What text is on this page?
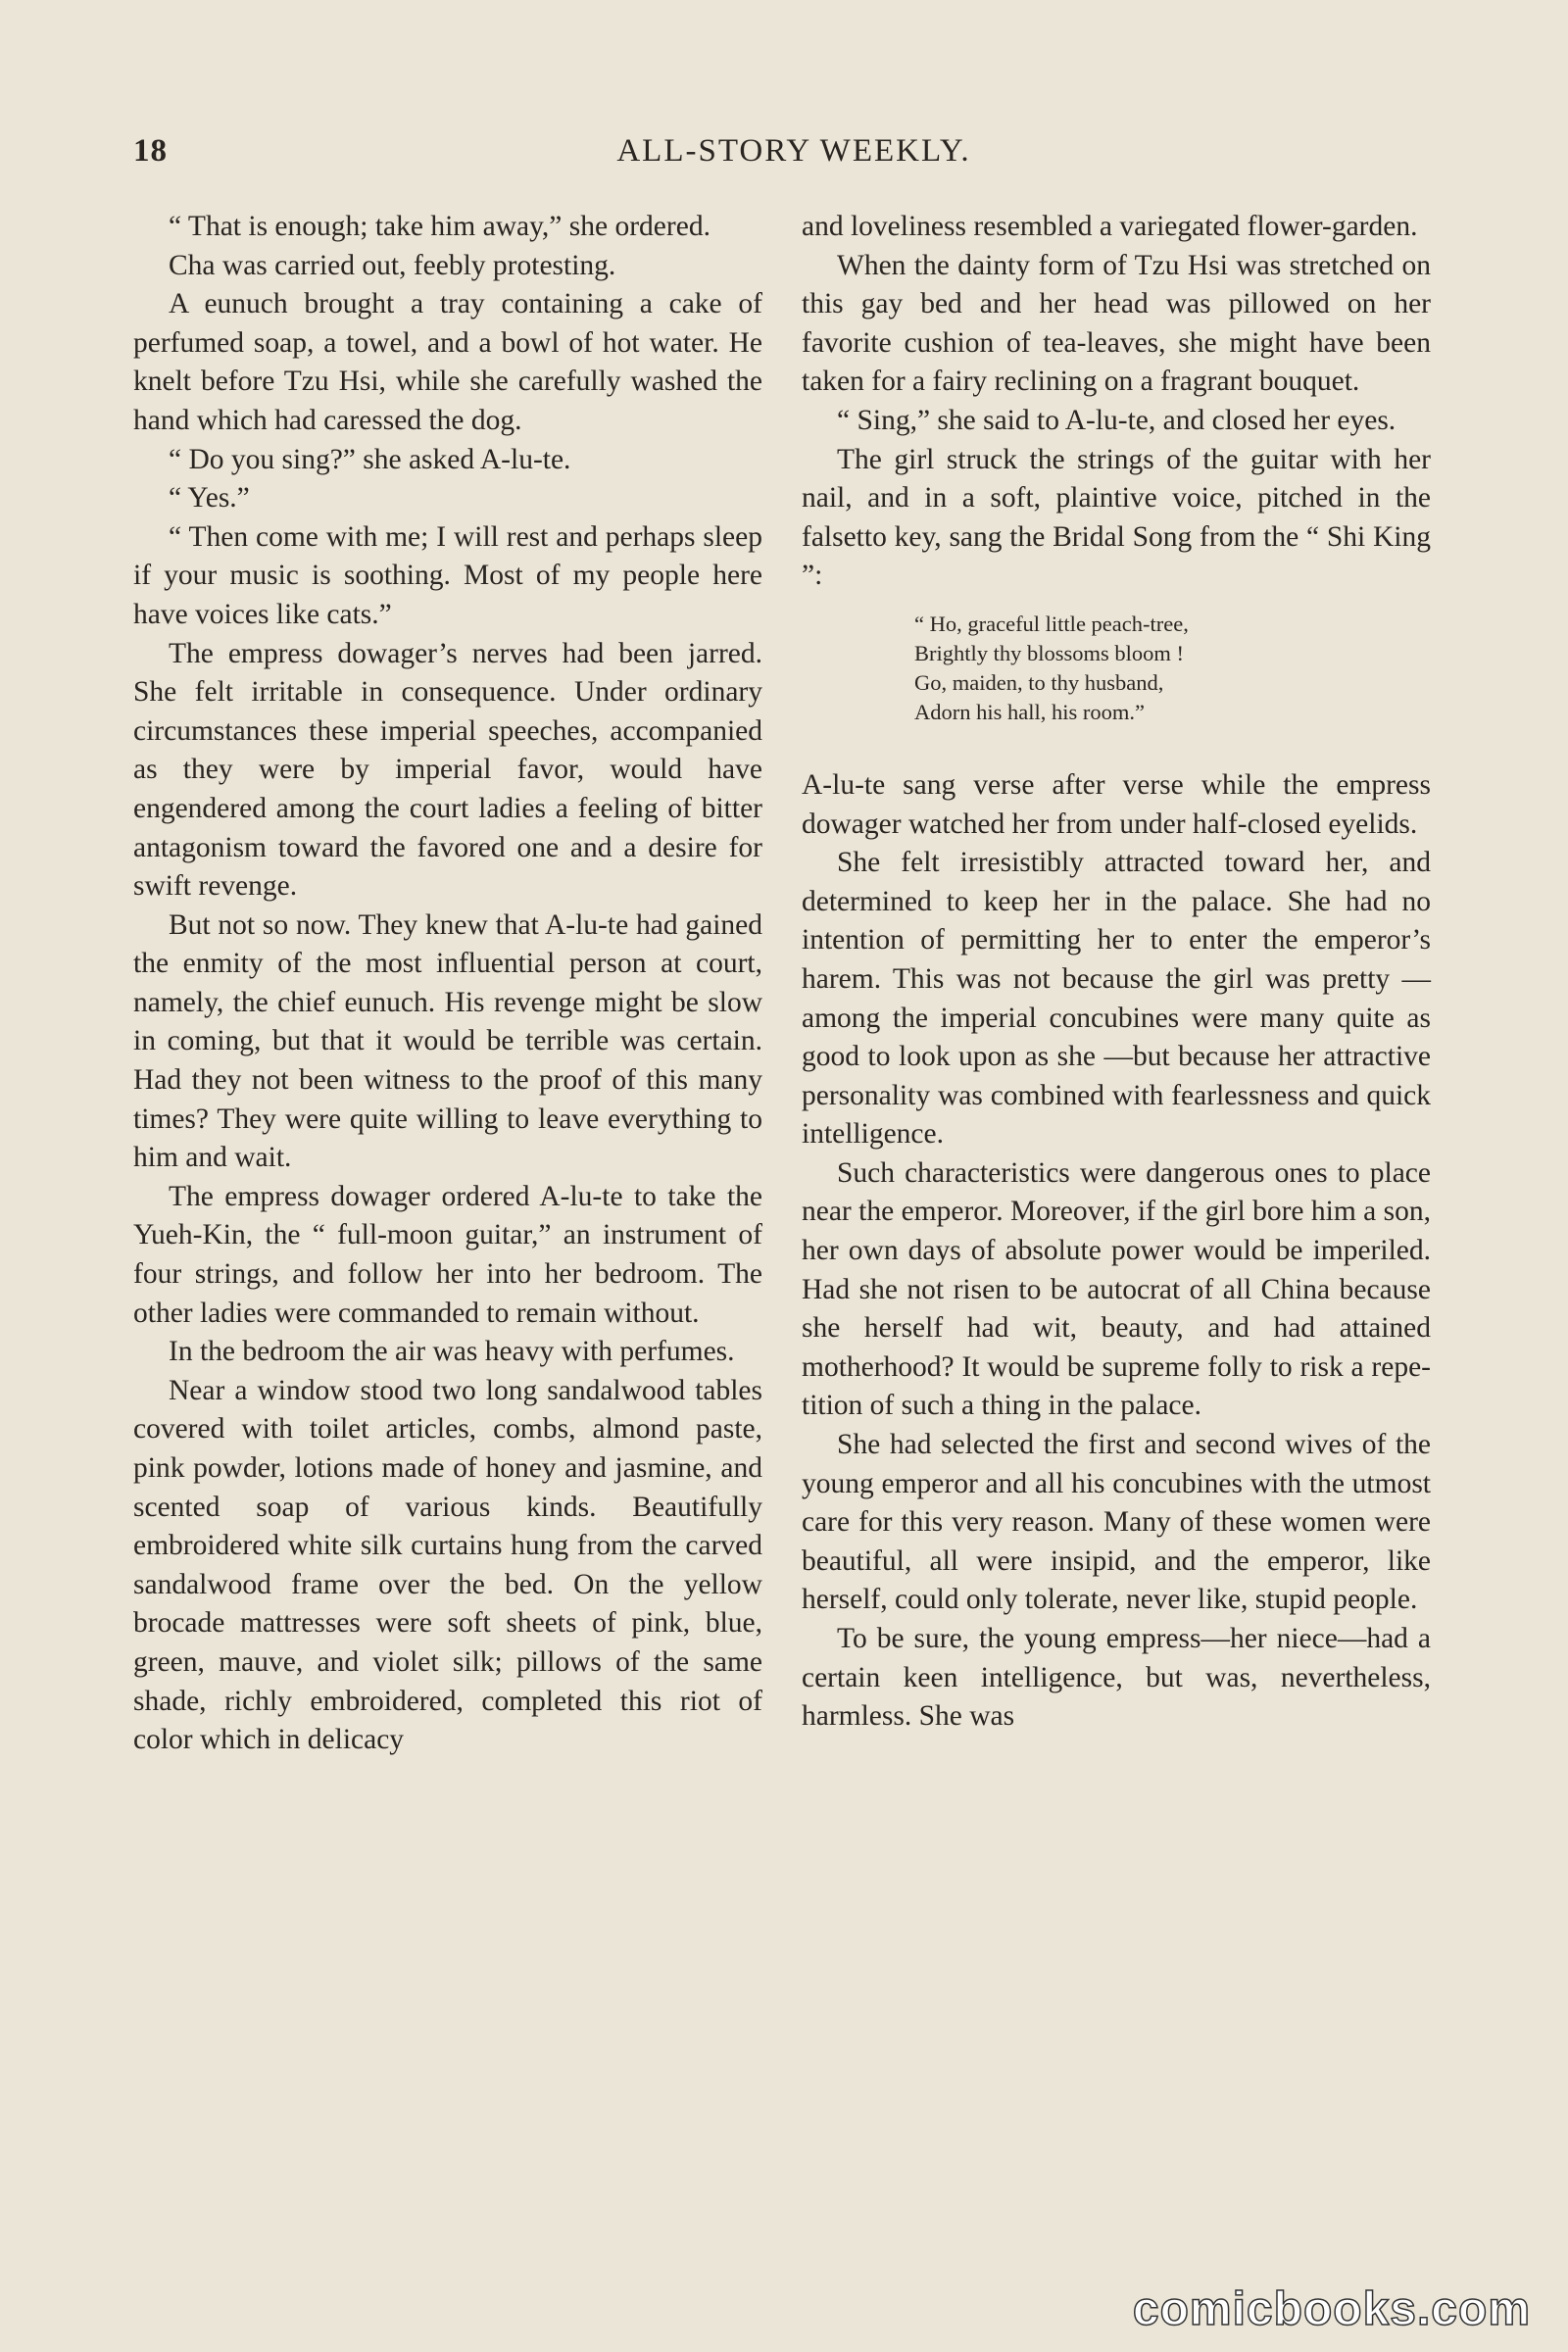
18	ALL-STORY WEEKLY.

“ That is enough; take him away,” she ordered.

Cha was carried out, feebly protesting.

A eunuch brought a tray containing a cake of perfumed soap, a towel, and a bowl of hot water. He knelt before Tzu Hsi, while she carefully washed the hand which had caressed the dog.

“ Do you sing?” she asked A-lu-te.

“ Yes.”

“ Then come with me; I will rest and perhaps sleep if your music is soothing. Most of my people here have voices like cats.”

The empress dowager’s nerves had been jarred. She felt irritable in consequence. Under ordinary circumstances these imperial speeches, accompanied as they were by imperial favor, would have engendered among the court ladies a feeling of bitter antagonism toward the favored one and a desire for swift revenge.

But not so now. They knew that A-lu-te had gained the enmity of the most influential person at court, namely, the chief eunuch. His revenge might be slow in coming, but that it would be terrible was certain. Had they not been witness to the proof of this many times? They were quite willing to leave everything to him and wait.

The empress dowager ordered A-lu-te to take the Yueh-Kin, the “ full-moon guitar,” an instrument of four strings, and follow her into her bedroom. The other ladies were commanded to remain without.

In the bedroom the air was heavy with perfumes.

Near a window stood two long sandalwood tables covered with toilet articles, combs, almond paste, pink powder, lotions made of honey and jasmine, and scented soap of various kinds. Beautifully embroidered white silk curtains hung from the carved sandalwood frame over the bed. On the yellow brocade mattresses were soft sheets of pink, blue, green, mauve, and violet silk; pillows of the same shade, richly embroidered, completed this riot of color which in delicacy

and loveliness resembled a variegated flower-garden.

When the dainty form of Tzu Hsi was stretched on this gay bed and her head was pillowed on her favorite cushion of tea-leaves, she might have been taken for a fairy reclining on a fragrant bouquet.

“ Sing,” she said to A-lu-te, and closed her eyes.

The girl struck the strings of the guitar with her nail, and in a soft, plaintive voice, pitched in the falsetto key, sang the Bridal Song from the “ Shi King ”:

“ Ho, graceful little peach-tree,
Brightly thy blossoms bloom !
Go, maiden, to thy husband,
Adorn his hall, his room.”

A-lu-te sang verse after verse while the empress dowager watched her from under half-closed eyelids.

She felt irresistibly attracted toward her, and determined to keep her in the palace. She had no intention of permitting her to enter the emperor’s harem. This was not because the girl was pretty —among the imperial concubines were many quite as good to look upon as she —but because her attractive personality was combined with fearlessness and quick intelligence.

Such characteristics were dangerous ones to place near the emperor. Moreover, if the girl bore him a son, her own days of absolute power would be imperiled. Had she not risen to be autocrat of all China because she herself had wit, beauty, and had attained motherhood? It would be supreme folly to risk a repetition of such a thing in the palace.

She had selected the first and second wives of the young emperor and all his concubines with the utmost care for this very reason. Many of these women were beautiful, all were insipid, and the emperor, like herself, could only tolerate, never like, stupid people.

To be sure, the young empress—her niece—had a certain keen intelligence, but was, nevertheless, harmless. She was

comicbooks.com
